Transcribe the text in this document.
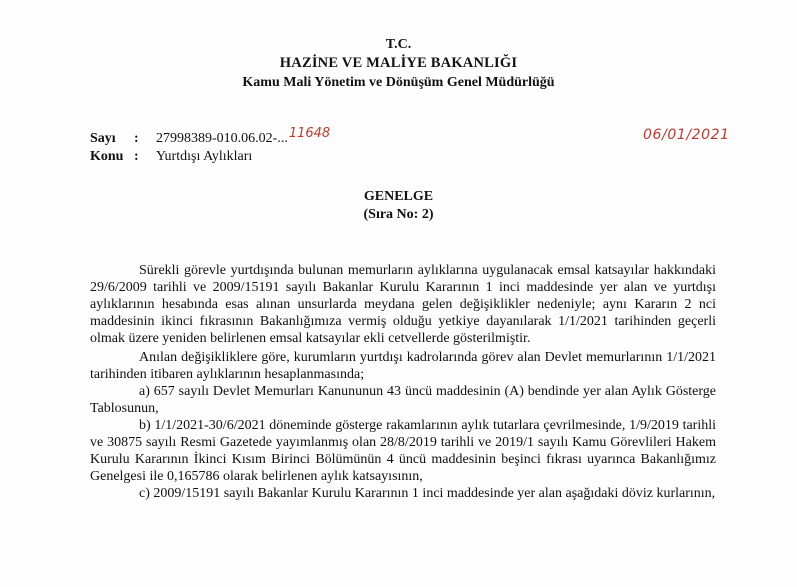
T.C.
HAZİNE VE MALİYE BAKANLIĞI
Kamu Mali Yönetim ve Dönüşüm Genel Müdürlüğü
Sayı : 27998389-010.06.02-...11648	06/01/2021
Konu : Yurtdışı Aylıkları
GENELGE
(Sıra No: 2)

Sürekli görevle yurtdışında bulunan memurların aylıklarına uygulanacak emsal katsayılar hakkındaki 29/6/2009 tarihli ve 2009/15191 sayılı Bakanlar Kurulu Kararının 1 inci maddesinde yer alan ve yurtdışı aylıklarının hesabında esas alınan unsurlarda meydana gelen değişiklikler nedeniyle; aynı Kararın 2 nci maddesinin ikinci fıkrasının Bakanlığımıza vermiş olduğu yetkiye dayanılarak 1/1/2021 tarihinden geçerli olmak üzere yeniden belirlenen emsal katsayılar ekli cetvellerde gösterilmiştir.

Anılan değişikliklere göre, kurumların yurtdışı kadrolarında görev alan Devlet memurlarının 1/1/2021 tarihinden itibaren aylıklarının hesaplanmasında;

a) 657 sayılı Devlet Memurları Kanununun 43 üncü maddesinin (A) bendinde yer alan Aylık Gösterge Tablosunun,

b) 1/1/2021-30/6/2021 döneminde gösterge rakamlarının aylık tutarlara çevrilmesinde, 1/9/2019 tarihli ve 30875 sayılı Resmi Gazetede yayımlanmış olan 28/8/2019 tarihli ve 2019/1 sayılı Kamu Görevlileri Hakem Kurulu Kararının İkinci Kısım Birinci Bölümünün 4 üncü maddesinin beşinci fıkrası uyarınca Bakanlığımız Genelgesi ile 0,165786 olarak belirlenen aylık katsayısının,

c) 2009/15191 sayılı Bakanlar Kurulu Kararının 1 inci maddesinde yer alan aşağıdaki döviz kurlarının,
